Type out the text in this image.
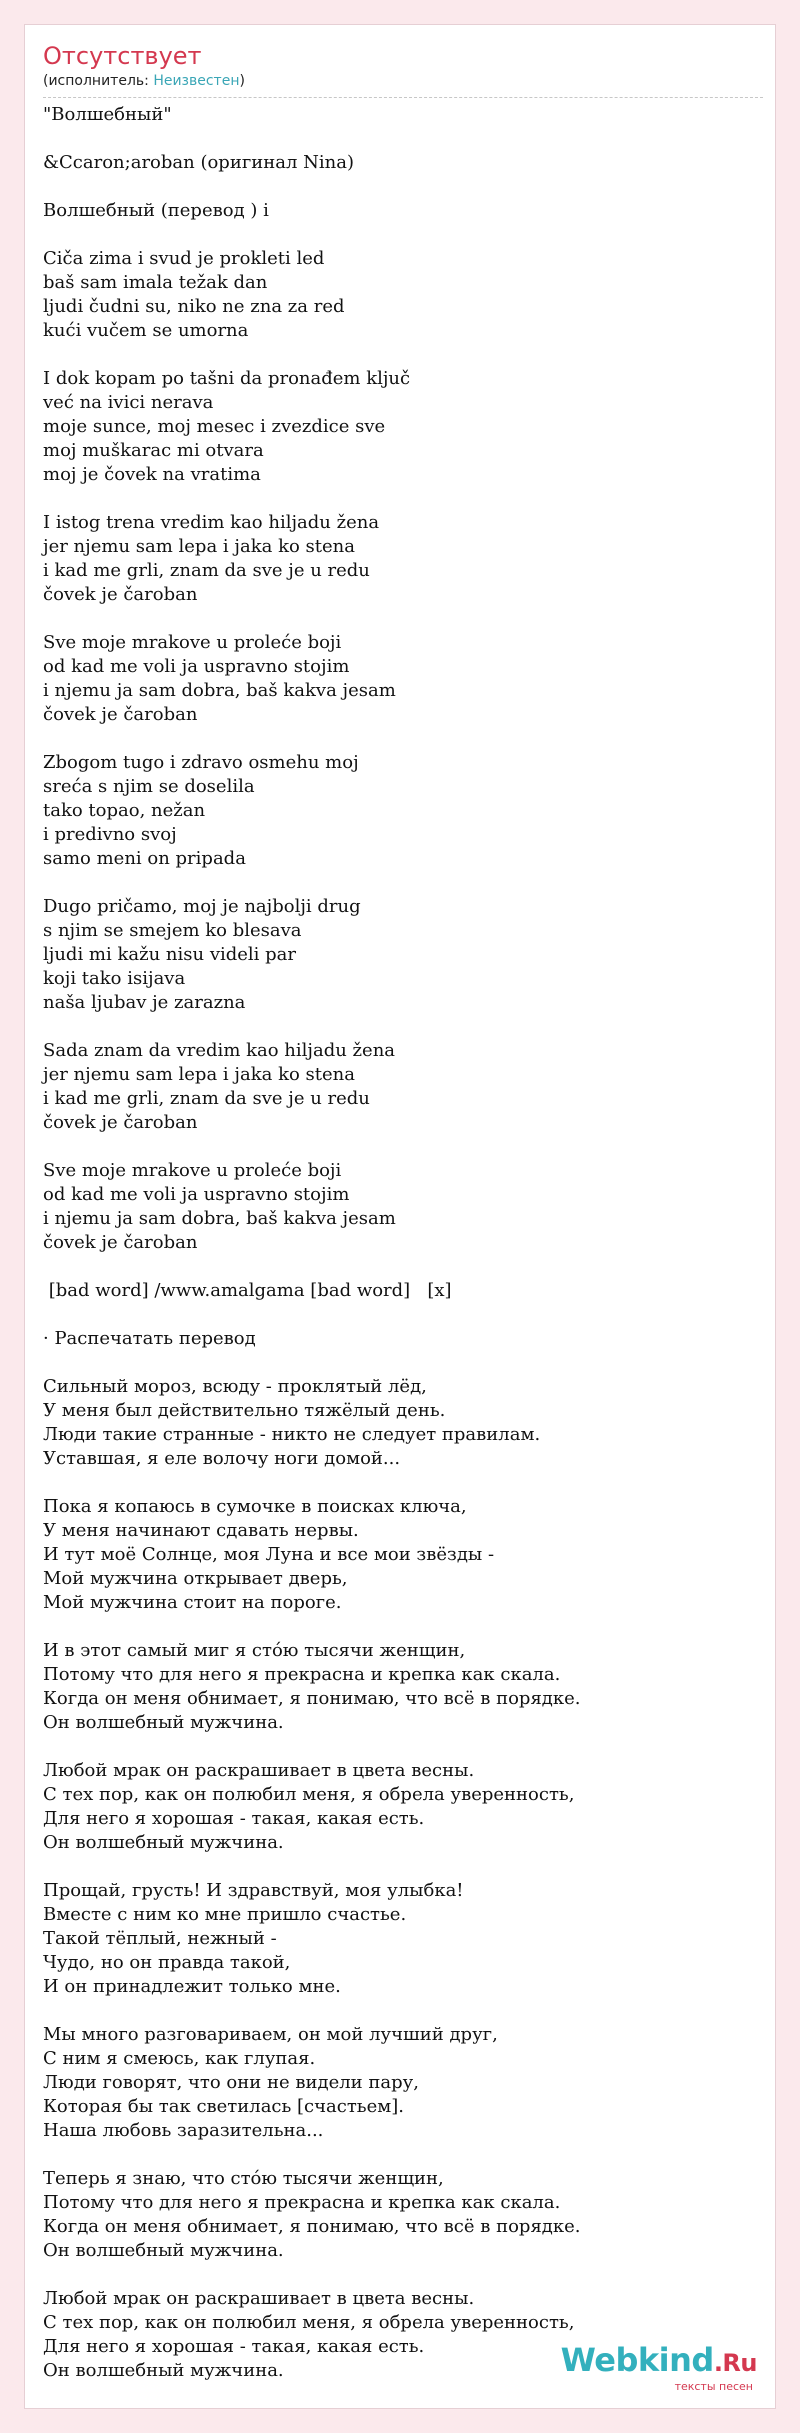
Отсутствует
(исполнитель: Неизвестен)
"Волшебный"
&Ccaron;aroban (оригинал Nina)
Волшебный (перевод ) i
Ciča zima i svud je prokleti led
baš sam imala težak dan
ljudi čudni su, niko ne zna za red
kući vučem se umorna
I dok kopam po tašni da pronađem ključ
već na ivici nerava
moje sunce, moj mesec i zvezdice sve
moj muškarac mi otvara
moj je čovek na vratima
I istog trena vredim kao hiljadu žena
jer njemu sam lepa i jaka ko stena
i kad me grli, znam da sve je u redu
čovek je čaroban
Sve moje mrakove u proleće boji
od kad me voli ja uspravno stojim
i njemu ja sam dobra, baš kakva jesam
čovek je čaroban
Zbogom tugo i zdravo osmehu moj
sreća s njim se doselila
tako topao, nežan
i predivno svoj
samo meni on pripada
Dugo pričamo, moj je najbolji drug
s njim se smejem ko blesava
ljudi mi kažu nisu videli par
koji tako isijava
naša ljubav je zarazna
Sada znam da vredim kao hiljadu žena
jer njemu sam lepa i jaka ko stena
i kad me grli, znam da sve je u redu
čovek je čaroban
Sve moje mrakove u proleće boji
od kad me voli ja uspravno stojim
i njemu ja sam dobra, baš kakva jesam
čovek je čaroban
[bad word] /www.amalgama [bad word]   [x]
· Распечатать перевод
Сильный мороз, всюду - проклятый лёд,
У меня был действительно тяжёлый день.
Люди такие странные - никто не следует правилам.
Уставшая, я еле волочу ноги домой...
Пока я копаюсь в сумочке в поисках ключа,
У меня начинают сдавать нервы.
И тут моё Солнце, моя Луна и все мои звёзды -
Мой мужчина открывает дверь,
Мой мужчина стоит на пороге.
И в этот самый миг я сто́ю тысячи женщин,
Потому что для него я прекрасна и крепка как скала.
Когда он меня обнимает, я понимаю, что всё в порядке.
Он волшебный мужчина.
Любой мрак он раскрашивает в цвета весны.
С тех пор, как он полюбил меня, я обрела уверенность,
Для него я хорошая - такая, какая есть.
Он волшебный мужчина.
Прощай, грусть! И здравствуй, моя улыбка!
Вместе с ним ко мне пришло счастье.
Такой тёплый, нежный -
Чудо, но он правда такой,
И он принадлежит только мне.
Мы много разговариваем, он мой лучший друг,
С ним я смеюсь, как глупая.
Люди говорят, что они не видели пару,
Которая бы так светилась [счастьем].
Наша любовь заразительна...
Теперь я знаю, что сто́ю тысячи женщин,
Потому что для него я прекрасна и крепка как скала.
Когда он меня обнимает, я понимаю, что всё в порядке.
Он волшебный мужчина.
Любой мрак он раскрашивает в цвета весны.
С тех пор, как он полюбил меня, я обрела уверенность,
Для него я хорошая - такая, какая есть.
Он волшебный мужчина.	Webkind.Ru
тексты песен
